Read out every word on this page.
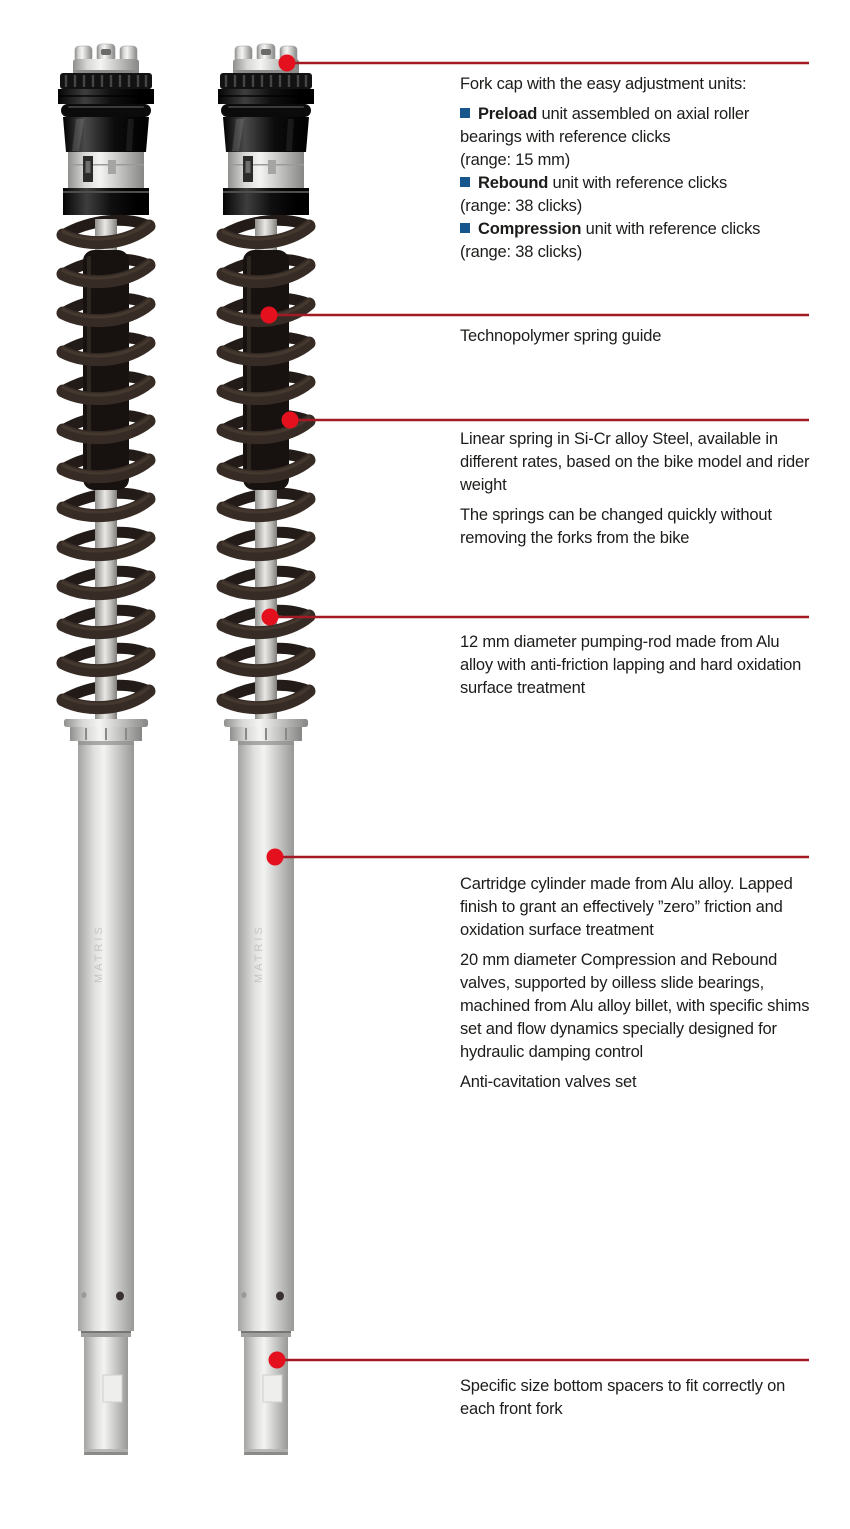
MATRIS

Fork cap with the easy adjustment units:

Preload unit assembled on axial roller bearings with reference clicks
(range: 15 mm)
Rebound unit with reference clicks
(range: 38 clicks)
Compression unit with reference clicks
(range: 38 clicks)

Technopolymer spring guide

Linear spring in Si-Cr alloy Steel, available in different rates, based on the bike model and rider weight

The springs can be changed quickly without removing the forks from the bike

12 mm diameter pumping-rod made from Alu alloy with anti-friction lapping and hard oxidation surface treatment

Cartridge cylinder made from Alu alloy. Lapped finish to grant an effectively ”zero” friction and oxidation surface treatment

20 mm diameter Compression and Rebound valves, supported by oilless slide bearings, machined from Alu alloy billet, with specific shims set and flow dynamics specially designed for hydraulic damping control

Anti-cavitation valves set

Specific size bottom spacers to fit correctly on each front fork
